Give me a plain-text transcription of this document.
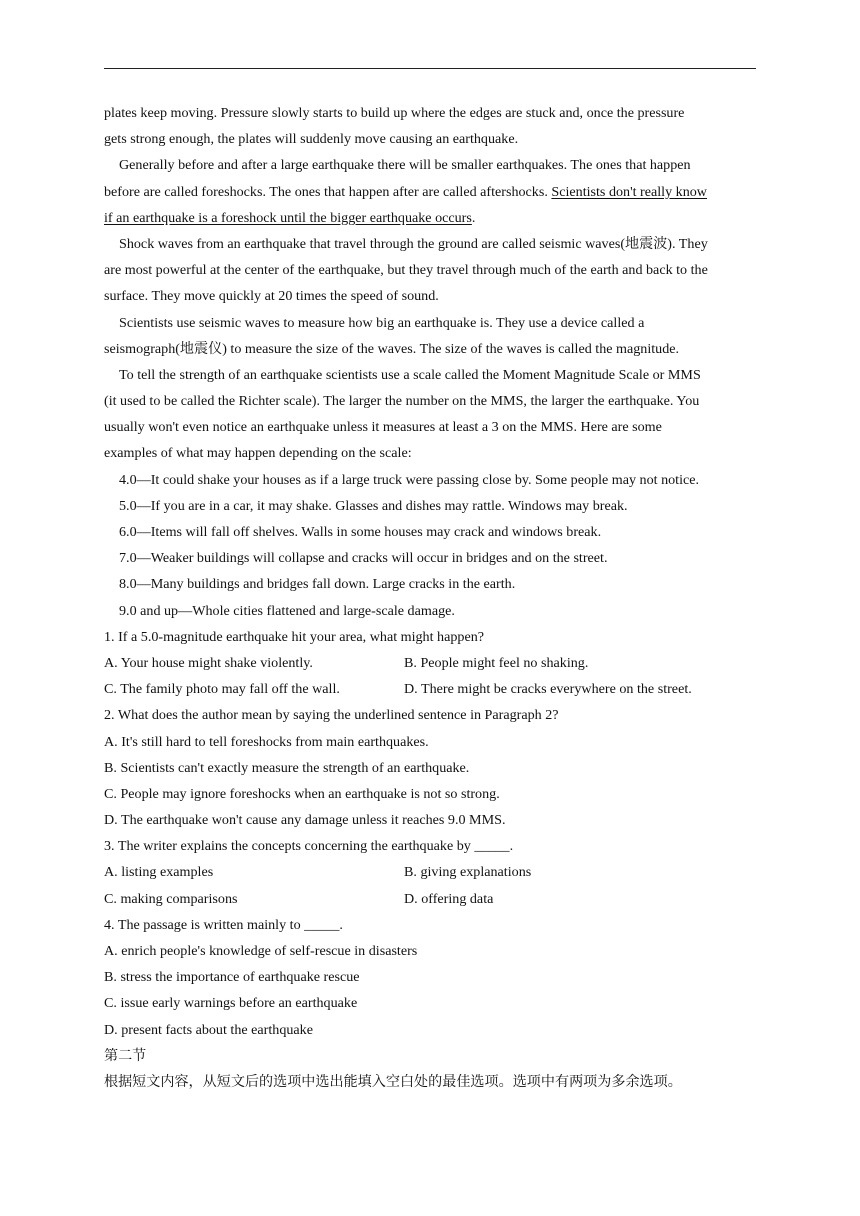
plates keep moving. Pressure slowly starts to build up where the edges are stuck and, once the pressure
gets strong enough, the plates will suddenly move causing an earthquake.
Generally before and after a large earthquake there will be smaller earthquakes. The ones that happen
before are called foreshocks. The ones that happen after are called aftershocks. Scientists don't really know
if an earthquake is a foreshock until the bigger earthquake occurs.
Shock waves from an earthquake that travel through the ground are called seismic waves(地震波). They
are most powerful at the center of the earthquake, but they travel through much of the earth and back to the
surface. They move quickly at 20 times the speed of sound.
Scientists use seismic waves to measure how big an earthquake is. They use a device called a
seismograph(地震仪) to measure the size of the waves. The size of the waves is called the magnitude.
To tell the strength of an earthquake scientists use a scale called the Moment Magnitude Scale or MMS
(it used to be called the Richter scale). The larger the number on the MMS, the larger the earthquake. You
usually won't even notice an earthquake unless it measures at least a 3 on the MMS. Here are some
examples of what may happen depending on the scale:
4.0—It could shake your houses as if a large truck were passing close by. Some people may not notice.
5.0—If you are in a car, it may shake. Glasses and dishes may rattle. Windows may break.
6.0—Items will fall off shelves. Walls in some houses may crack and windows break.
7.0—Weaker buildings will collapse and cracks will occur in bridges and on the street.
8.0—Many buildings and bridges fall down. Large cracks in the earth.
9.0 and up—Whole cities flattened and large-scale damage.
1. If a 5.0-magnitude earthquake hit your area, what might happen?
A. Your house might shake violently.	B. People might feel no shaking.
C. The family photo may fall off the wall.	D. There might be cracks everywhere on the street.
2. What does the author mean by saying the underlined sentence in Paragraph 2?
A. It's still hard to tell foreshocks from main earthquakes.
B. Scientists can't exactly measure the strength of an earthquake.
C. People may ignore foreshocks when an earthquake is not so strong.
D. The earthquake won't cause any damage unless it reaches 9.0 MMS.
3. The writer explains the concepts concerning the earthquake by _____.
A. listing examples	B. giving explanations
C. making comparisons	D. offering data
4. The passage is written mainly to _____.
A. enrich people's knowledge of self-rescue in disasters
B. stress the importance of earthquake rescue
C. issue early warnings before an earthquake
D. present facts about the earthquake
第二节
根据短文内容，从短文后的选项中选出能填入空白处的最佳选项。选项中有两项为多余选项。
